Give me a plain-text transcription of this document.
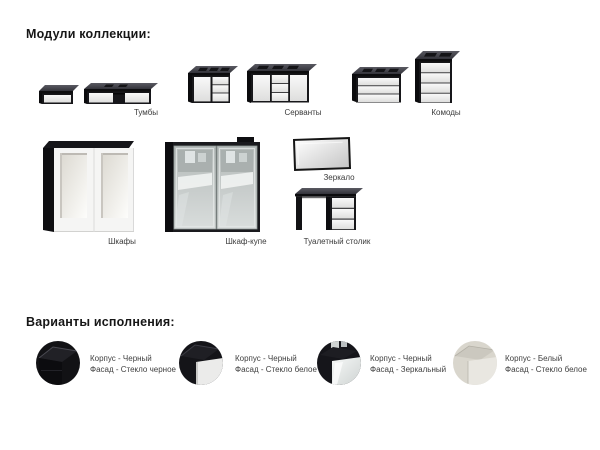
Модули коллекции:
Тумбы	Серванты	Комоды
Шкафы	Шкаф-купе
Зеркало
Туалетный столик
Варианты исполнения:
Корпус - Черный
Фасад - Стекло черное
Корпус - Черный
Фасад - Стекло белое
Корпус - Черный
Фасад - Зеркальный
Корпус - Белый
Фасад - Стекло белое
